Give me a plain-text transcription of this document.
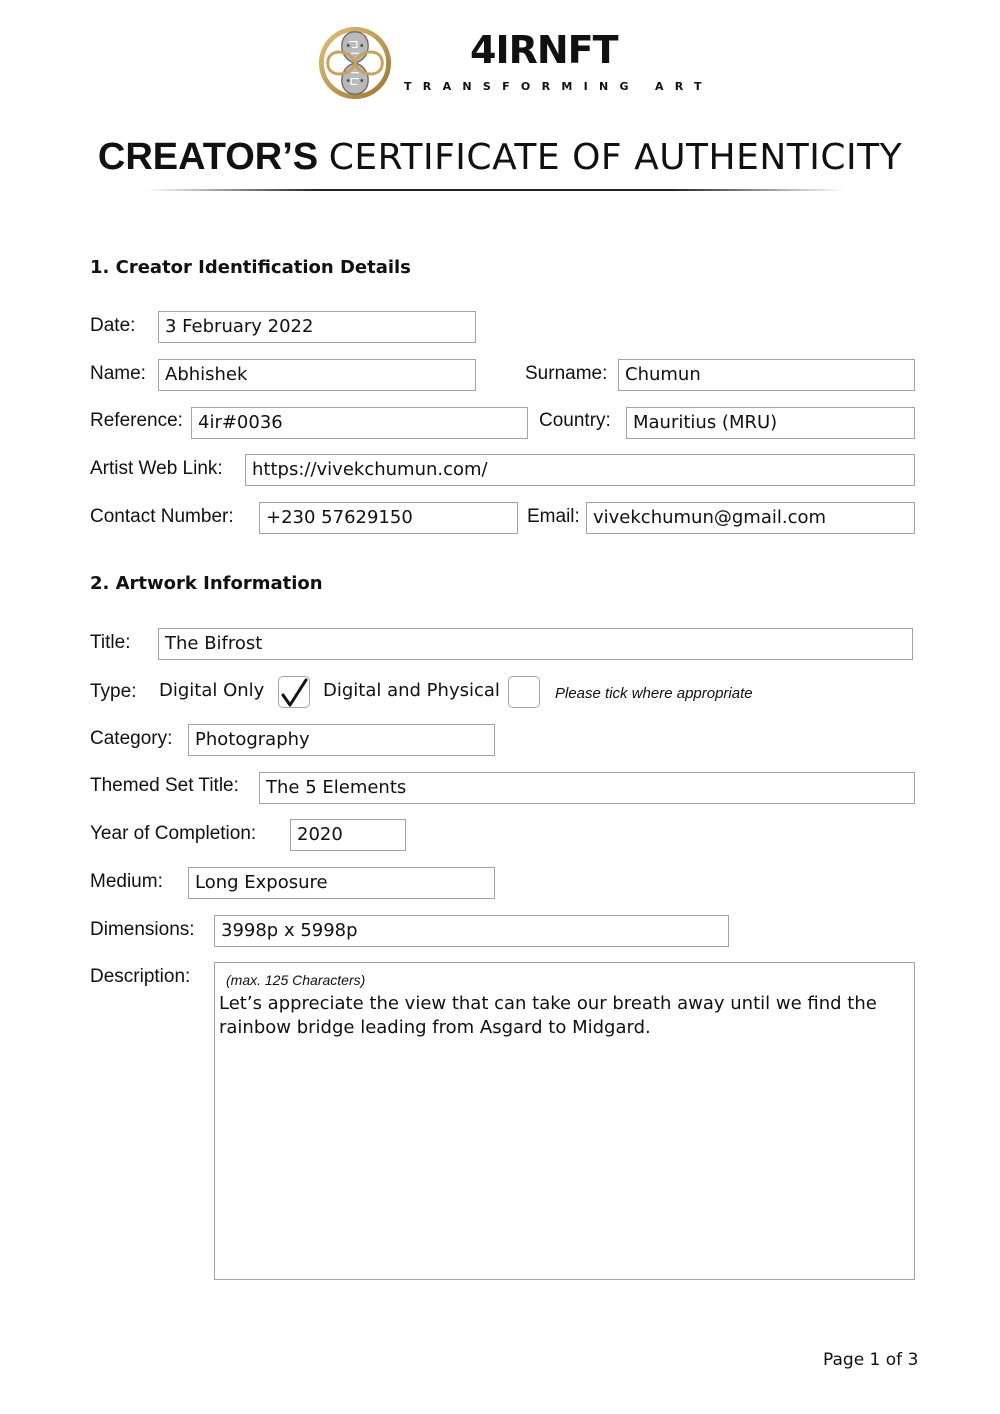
4IRNFT
TRANSFORMING ART
CREATOR’S CERTIFICATE OF AUTHENTICITY
1. Creator Identification Details
Date:	3 February 2022
Name:	Abhishek	Surname: Chumun
Reference: 4ir#0036	Country:	Mauritius (MRU)
Artist Web Link:	https://vivekchumun.com/
Contact Number:	+230 57629150	Email: vivekchumun@gmail.com
2. Artwork Information
Title:	The Bifrost
Type: Digital Only	Digital and Physical	Please tick where appropriate
Category:	Photography
Themed Set Title:	The 5 Elements
Year of Completion:	2020
Medium:	Long Exposure
Dimensions:	3998p x 5998p
Description:	(max. 125 Characters)
Let’s appreciate the view that can take our breath away until we find the rainbow bridge leading from Asgard to Midgard.
Page 1 of 3
